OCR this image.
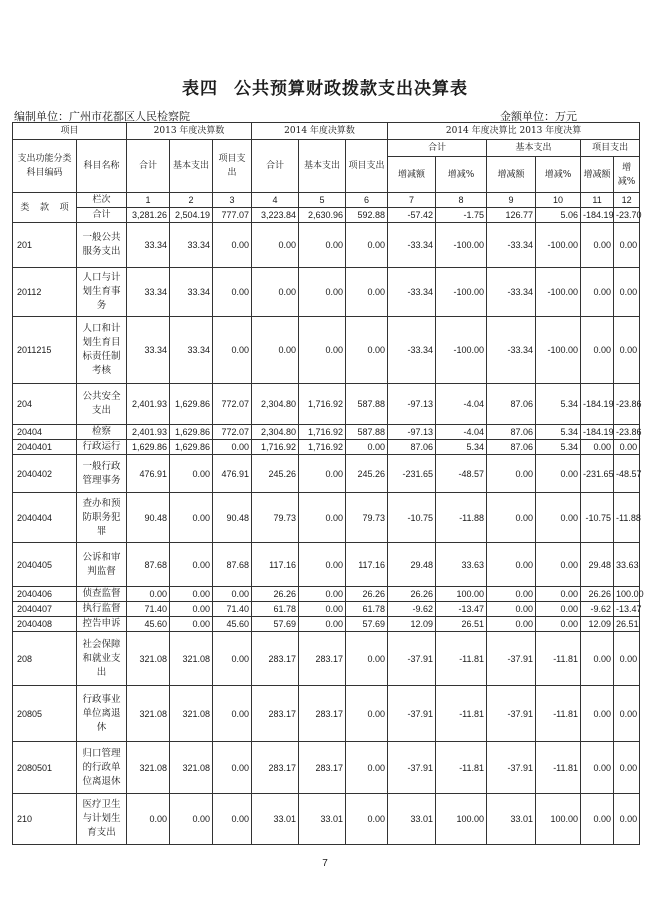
表四 公共预算财政拨款支出决算表
编制单位：广州市花都区人民检察院	金额单位：万元
项目		2013 年度决算数			2014 年度决算数			2014 年度决算比 2013 年度决算					
支出功能分类科目编码	科目名称	合计	基本支出	项目支出	合计	基本支出	项目支出	合计		基本支出		项目支出	
								增减额	增减%	增减额	增减%	增减额	增减%

类 款 项	栏次	1	2	3	4	5	6	7	8	9	10	11	12
	合计	3,281.26	2,504.19	777.07	3,223.84	2,630.96	592.88	-57.42	-1.75	126.77	5.06	-184.19	-23.70
201	一般公共服务支出	33.34	33.34	0.00	0.00	0.00	0.00	-33.34	-100.00	-33.34	-100.00	0.00	0.00
20112	人口与计划生育事务	33.34	33.34	0.00	0.00	0.00	0.00	-33.34	-100.00	-33.34	-100.00	0.00	0.00
2011215	人口和计划生育目标责任制考核	33.34	33.34	0.00	0.00	0.00	0.00	-33.34	-100.00	-33.34	-100.00	0.00	0.00
204	公共安全支出	2,401.93	1,629.86	772.07	2,304.80	1,716.92	587.88	-97.13	-4.04	87.06	5.34	-184.19	-23.86
20404	检察	2,401.93	1,629.86	772.07	2,304.80	1,716.92	587.88	-97.13	-4.04	87.06	5.34	-184.19	-23.86
2040401	行政运行	1,629.86	1,629.86	0.00	1,716.92	1,716.92	0.00	87.06	5.34	87.06	5.34	0.00	0.00
2040402	一般行政管理事务	476.91	0.00	476.91	245.26	0.00	245.26	-231.65	-48.57	0.00	0.00	-231.65	-48.57
2040404	查办和预防职务犯罪	90.48	0.00	90.48	79.73	0.00	79.73	-10.75	-11.88	0.00	0.00	-10.75	-11.88
2040405	公诉和审判监督	87.68	0.00	87.68	117.16	0.00	117.16	29.48	33.63	0.00	0.00	29.48	33.63
2040406	侦查监督	0.00	0.00	0.00	26.26	0.00	26.26	26.26	100.00	0.00	0.00	26.26	100.00
2040407	执行监督	71.40	0.00	71.40	61.78	0.00	61.78	-9.62	-13.47	0.00	0.00	-9.62	-13.47
2040408	控告申诉	45.60	0.00	45.60	57.69	0.00	57.69	12.09	26.51	0.00	0.00	12.09	26.51
208	社会保障和就业支出	321.08	321.08	0.00	283.17	283.17	0.00	-37.91	-11.81	-37.91	-11.81	0.00	0.00
20805	行政事业单位离退休	321.08	321.08	0.00	283.17	283.17	0.00	-37.91	-11.81	-37.91	-11.81	0.00	0.00
2080501	归口管理的行政单位离退休	321.08	321.08	0.00	283.17	283.17	0.00	-37.91	-11.81	-37.91	-11.81	0.00	0.00
210	医疗卫生与计划生育支出	0.00	0.00	0.00	33.01	33.01	0.00	33.01	100.00	33.01	100.00	0.00	0.00
7
